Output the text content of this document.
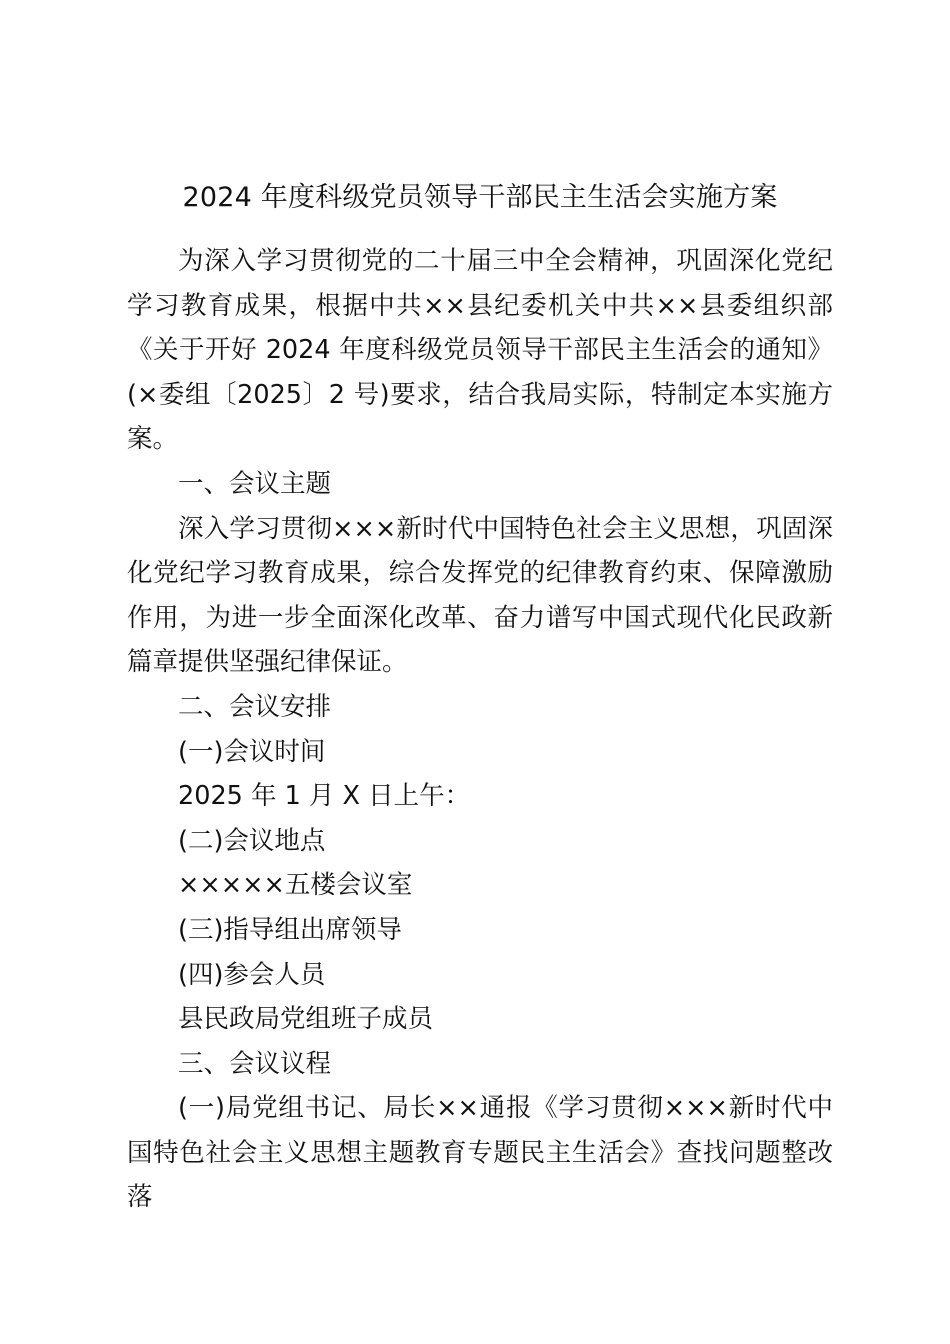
2024 年度科级党员领导干部民主生活会实施方案

为深入学习贯彻党的二十届三中全会精神，巩固深化党纪学习教育成果，根据中共××县纪委机关中共××县委组织部《关于开好 2024 年度科级党员领导干部民主生活会的通知》(×委组〔2025〕2 号)要求，结合我局实际，特制定本实施方案。

一、会议主题

深入学习贯彻×××新时代中国特色社会主义思想，巩固深化党纪学习教育成果，综合发挥党的纪律教育约束、保障激励作用，为进一步全面深化改革、奋力谱写中国式现代化民政新篇章提供坚强纪律保证。

二、会议安排
(一)会议时间
2025 年 1 月 X 日上午：
(二)会议地点
×××××五楼会议室
(三)指导组出席领导
(四)参会人员
县民政局党组班子成员
三、会议议程

(一)局党组书记、局长××通报《学习贯彻×××新时代中国特色社会主义思想主题教育专题民主生活会》查找问题整改落
